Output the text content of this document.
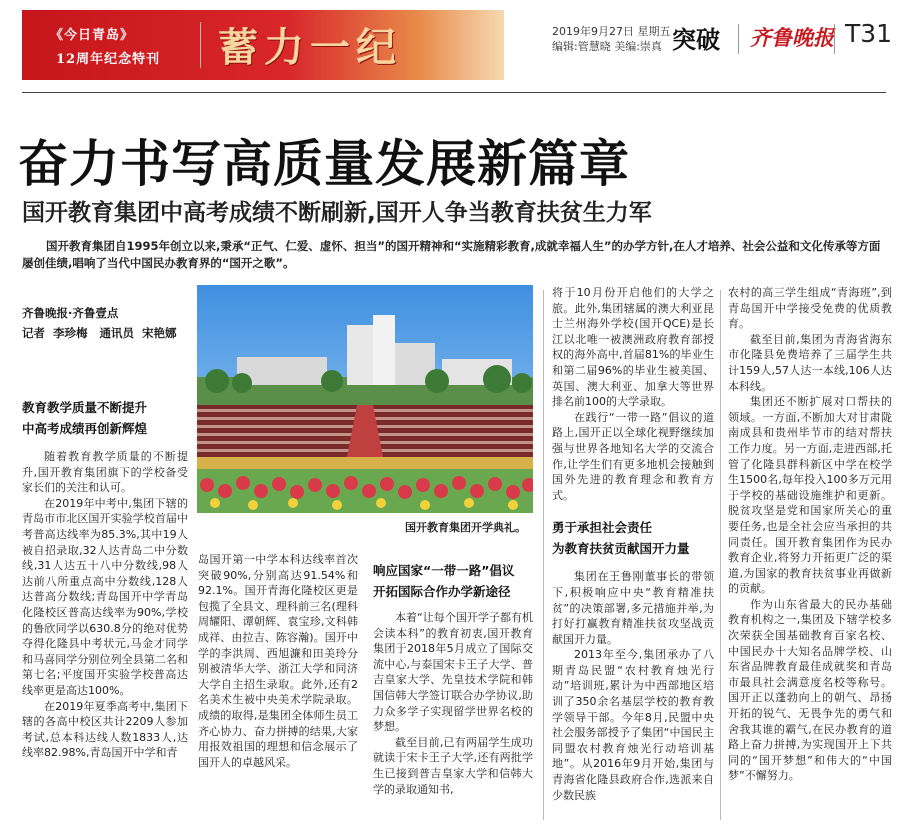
《今日青岛》
12周年纪念特刊 蓄力一纪	2019年9月27日 星期五
编辑:管慧晓 美编:崇真 突破 齐鲁晚报 T31
奋力书写高质量发展新篇章
国开教育集团中高考成绩不断刷新,国开人争当教育扶贫生力军
国开教育集团自1995年创立以来,秉承“正气、仁爱、虚怀、担当”的国开精神和“实施精彩教育,成就幸福人生”的办学方针,在人才培养、社会公益和文化传承等方面屡创佳绩,唱响了当代中国民办教育界的“国开之歌”。
齐鲁晚报·齐鲁壹点
记者 李珍梅 通讯员 宋艳娜
教育教学质量不断提升
中高考成绩再创新辉煌

随着教育教学质量的不断提升,国开教育集团旗下的学校备受家长们的关注和认可。

在2019年中考中,集团下辖的青岛市市北区国开实验学校首届中考普高达线率为85.3%,其中19人被自招录取,32人达青岛二中分数线,31人达五十八中分数线,98人达前八所重点高中分数线,128人达普高分数线;青岛国开中学青岛化隆校区普高达线率为90%,学校的鲁欣同学以630.8分的绝对优势夺得化隆县中考状元,马金才同学和马喜同学分别位列全县第二名和第七名;平度国开实验学校普高达线率更是高达100%。

在2019年夏季高考中,集团下辖的各高中校区共计2209人参加考试,总本科达线人数1833人,达线率82.98%,青岛国开中学和青

国开教育集团开学典礼。

岛国开第一中学本科达线率首次突破90%,分别高达91.54%和92.1%。国开青海化隆校区更是包揽了全县文、理科前三名(理科周耀阳、谭朝辉、袁宝珍,文科韩成祥、由拉吉、陈容瀚)。国开中学的李洪周、西旭濂和田美玲分别被清华大学、浙江大学和同济大学自主招生录取。此外,还有2名美术生被中央美术学院录取。成绩的取得,是集团全体师生员工齐心协力、奋力拼搏的结果,大家用报效祖国的理想和信念展示了国开人的卓越风采。

响应国家“一带一路”倡议
开拓国际合作办学新途径

本着“让每个国开学子都有机会读本科”的教育初衷,国开教育集团于2018年5月成立了国际交流中心,与泰国宋卡王子大学、普吉皇家大学、先皇技术学院和韩国信韩大学签订联合办学协议,助力众多学子实现留学世界名校的梦想。

截至目前,已有两届学生成功就读于宋卡王子大学,还有两批学生已接到普吉皇家大学和信韩大学的录取通知书,

将于10月份开启他们的大学之旅。此外,集团辖属的澳大利亚昆士兰州海外学校(国开QCE)是长江以北唯一被澳洲政府教育部授权的海外高中,首届81%的毕业生和第二届96%的毕业生被美国、英国、澳大利亚、加拿大等世界排名前100的大学录取。

在践行“一带一路”倡议的道路上,国开正以全球化视野继续加强与世界各地知名大学的交流合作,让学生们有更多地机会接触到国外先进的教育理念和教育方式。

勇于承担社会责任
为教育扶贫贡献国开力量

集团在王鲁刚董事长的带领下,积极响应中央“教育精准扶贫”的决策部署,多元措施并举,为打好打赢教育精准扶贫攻坚战贡献国开力量。

2013年至今,集团承办了八期青岛民盟“农村教育烛光行动”培训班,累计为中西部地区培训了350余名基层学校的教育教学领导干部。今年8月,民盟中央社会服务部授予了集团“中国民主同盟农村教育烛光行动培训基地”。从2016年9月开始,集团与青海省化隆县政府合作,选派来自少数民族

农村的高三学生组成“青海班”,到青岛国开中学接受免费的优质教育。

截至目前,集团为青海省海东市化隆县免费培养了三届学生共计159人,57人达一本线,106人达本科线。

集团还不断扩展对口帮扶的领域。一方面,不断加大对甘肃陇南成县和贵州毕节市的结对帮扶工作力度。另一方面,走进西部,托管了化隆县群科新区中学在校学生1500名,每年投入100多万元用于学校的基础设施维护和更新。脱贫攻坚是党和国家所关心的重要任务,也是全社会应当承担的共同责任。国开教育集团作为民办教育企业,将努力开拓更广泛的渠道,为国家的教育扶贫事业再做新的贡献。

作为山东省最大的民办基础教育机构之一,集团及下辖学校多次荣获全国基础教育百家名校、中国民办十大知名品牌学校、山东省品牌教育最佳成就奖和青岛市最具社会满意度名校等称号。国开正以蓬勃向上的朝气、昂扬开拓的锐气、无畏争先的勇气和舍我其谁的霸气,在民办教育的道路上奋力拼搏,为实现国开上下共同的“国开梦想”和伟大的“中国梦”不懈努力。
